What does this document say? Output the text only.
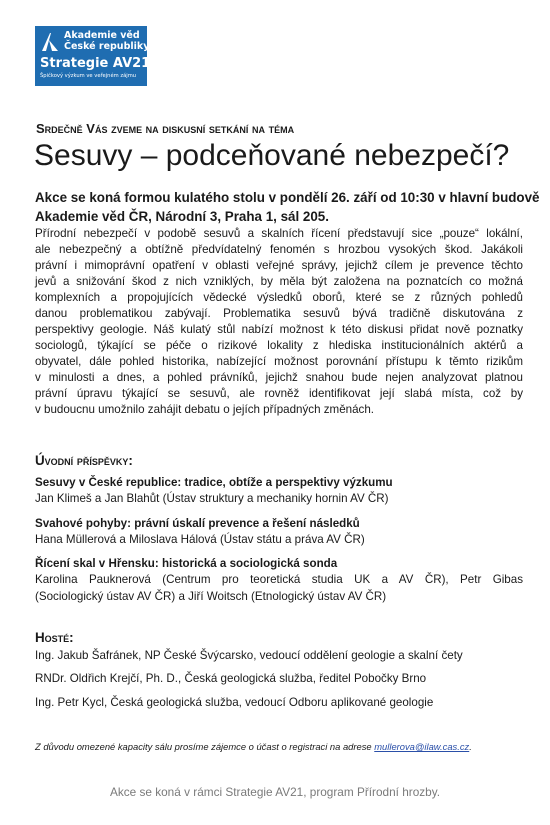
Akademie věd
České republiky
Strategie AV21
Špičkový výzkum ve veřejném zájmu
Srdečně Vás zveme na diskusní setkání na téma
Sesuvy – podceňované nebezpečí?
Akce se koná formou kulatého stolu v pondělí 26. září od 10:30 v hlavní budově
Akademie věd ČR, Národní 3, Praha 1, sál 205.
Přírodní nebezpečí v podobě sesuvů a skalních řícení představují sice „pouze“ lokální,
ale nebezpečný a obtížně předvídatelný fenomén s hrozbou vysokých škod. Jakákoli
právní i mimoprávní opatření v oblasti veřejné správy, jejichž cílem je prevence těchto
jevů a snižování škod z nich vzniklých, by měla být založena na poznatcích co možná
komplexních a propojujících vědecké výsledků oborů, které se z různých pohledů
danou problematikou zabývají. Problematika sesuvů bývá tradičně diskutována z
perspektivy geologie. Náš kulatý stůl nabízí možnost k této diskusi přidat nově poznatky
sociologů, týkající se péče o rizikové lokality z hlediska institucionálních aktérů a
obyvatel, dále pohled historika, nabízející možnost porovnání přístupu k těmto rizikům
v minulosti a dnes, a pohled právníků, jejichž snahou bude nejen analyzovat platnou
právní úpravu týkající se sesuvů, ale rovněž identifikovat její slabá místa, což by
v budoucnu umožnilo zahájit debatu o jejích případných změnách.
Úvodní příspěvky:
Sesuvy v České republice: tradice, obtíže a perspektivy výzkumu
Jan Klimeš a Jan Blahůt (Ústav struktury a mechaniky hornin AV ČR)
Svahové pohyby: právní úskalí prevence a řešení následků
Hana Müllerová a Miloslava Hálová (Ústav státu a práva AV ČR)
Řícení skal v Hřensku: historická a sociologická sonda
Karolina Pauknerová (Centrum pro teoretická studia UK a AV ČR), Petr Gibas
(Sociologický ústav AV ČR) a Jiří Woitsch (Etnologický ústav AV ČR)
Hosté:
Ing. Jakub Šafránek, NP České Švýcarsko, vedoucí oddělení geologie a skalní čety
RNDr. Oldřich Krejčí, Ph. D., Česká geologická služba, ředitel Pobočky Brno
Ing. Petr Kycl, Česká geologická služba, vedoucí Odboru aplikované geologie
Z důvodu omezené kapacity sálu prosíme zájemce o účast o registraci na adrese mullerova@ilaw.cas.cz.
Akce se koná v rámci Strategie AV21, program Přírodní hrozby.
